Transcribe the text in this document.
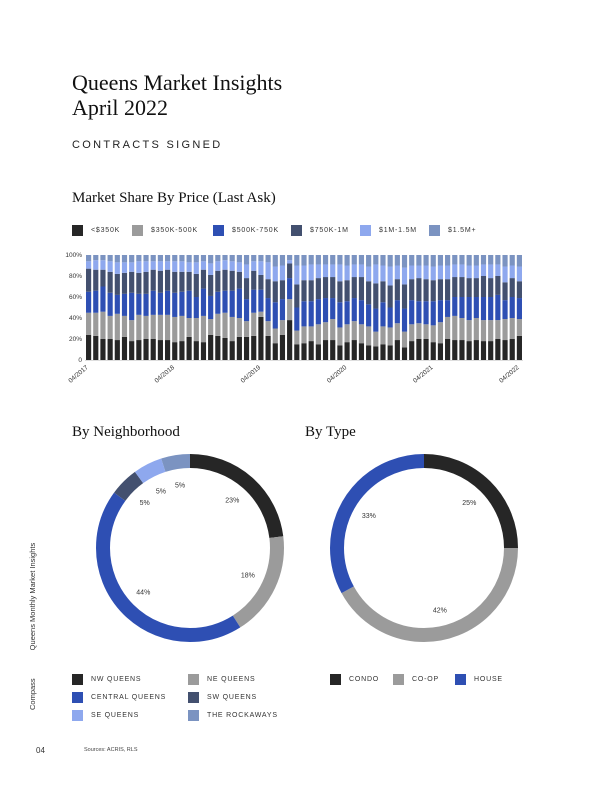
Queens Market Insights
April 2022
CONTRACTS SIGNED
Market Share By Price (Last Ask)
<$350K	$350K-500K	$500K-750K	$750K-1M	$1M-1.5M	$1.5M+
0
20%
40%
60%
80%
100%
04/2017	04/2018	04/2019	04/2020	04/2021	04/2022
By Neighborhood	By Type
23%
18%
44%
5%
5%
5%
25%
42%
33%
NW QUEENS	NE QUEENS
CENTRAL QUEENS	SW QUEENS
SE QUEENS	THE ROCKAWAYS
CONDO	CO-OP	HOUSE
CompassQueens Monthly Market Insights
04	Sources: ACRIS, RLS
